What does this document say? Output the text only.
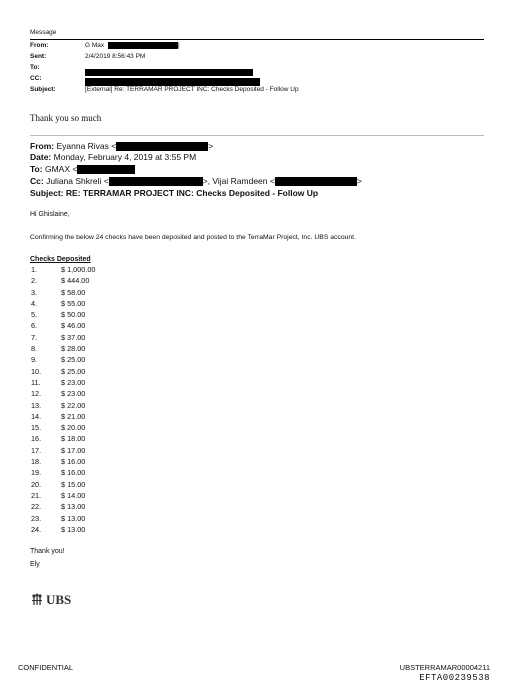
Message
From:	G Max	|
Sent:	2/4/2019 8:56:43 PM
To:
CC:
Subject:	[External] Re: TERRAMAR PROJECT INC: Checks Deposited - Follow Up
Thank you so much
From: Eyanna Rivas <	>
Date: Monday, February 4, 2019 at 3:55 PM
To: GMAX <
Cc: Juliana Shkreli <	>, Vijai Ramdeen <	>
Subject: RE: TERRAMAR PROJECT INC: Checks Deposited - Follow Up
Hi Ghislaine,
Confirming the below 24 checks have been deposited and posted to the TerraMar Project, Inc. UBS account.
Checks Deposited
1.	$ 1,000.00
2.	$ 444.00
3.	$ 58.00
4.	$ 55.00
5.	$ 50.00
6.	$ 46.00
7.	$ 37.00
8.	$ 28.00
9.	$ 25.00
10.	$ 25.00
11.	$ 23.00
12.	$ 23.00
13.	$ 22.00
14.	$ 21.00
15.	$ 20.00
16.	$ 18.00
17.	$ 17.00
18.	$ 16.00
19.	$ 16.00
20.	$ 15.00
21.	$ 14.00
22.	$ 13.00
23.	$ 13.00
24.	$ 13.00
Thank you!
Ely
UBS
CONFIDENTIAL	UBSTERRAMAR00004211
EFTA00239538
